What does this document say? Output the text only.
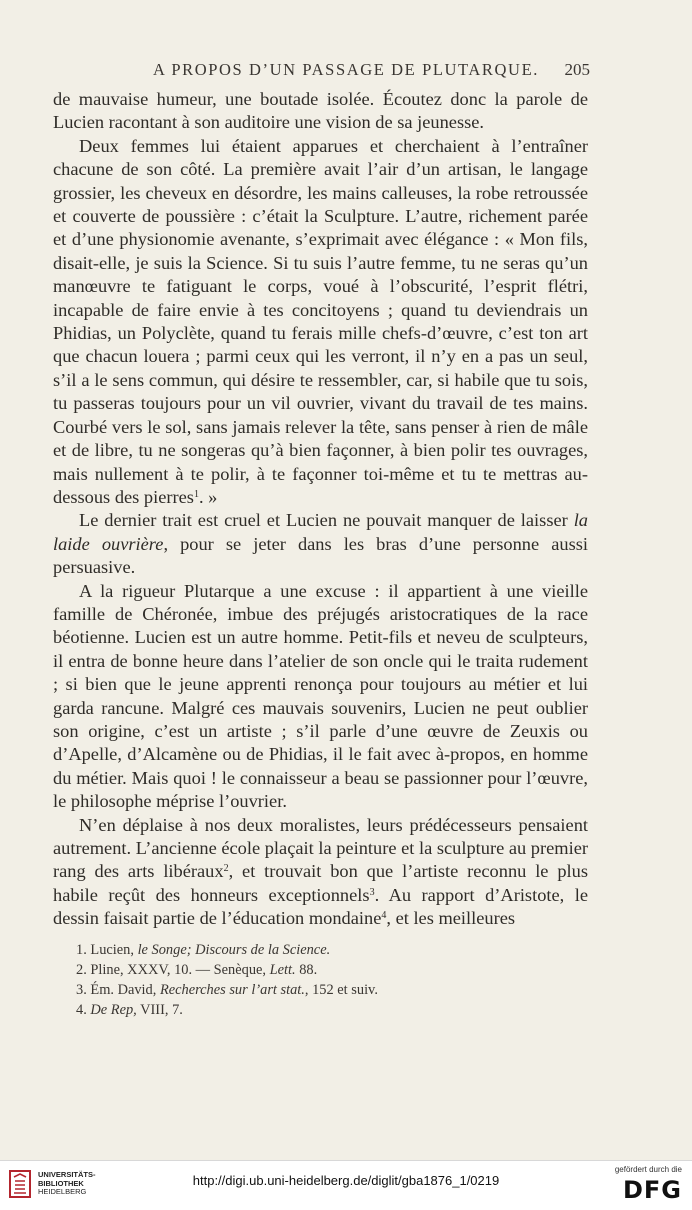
A PROPOS D’UN PASSAGE DE PLUTARQUE.	205

de mauvaise humeur, une boutade isolée. Écoutez donc la parole de Lucien racontant à son auditoire une vision de sa jeunesse.

Deux femmes lui étaient apparues et cherchaient à l’entraîner chacune de son côté. La première avait l’air d’un artisan, le langage grossier, les cheveux en désordre, les mains calleuses, la robe retroussée et couverte de poussière : c’était la Sculpture. L’autre, richement parée et d’une physionomie avenante, s’exprimait avec élégance : « Mon fils, disait-elle, je suis la Science. Si tu suis l’autre femme, tu ne seras qu’un manœuvre te fatiguant le corps, voué à l’obscurité, l’esprit flétri, incapable de faire envie à tes concitoyens ; quand tu deviendrais un Phidias, un Polyclète, quand tu ferais mille chefs-d’œuvre, c’est ton art que chacun louera ; parmi ceux qui les verront, il n’y en a pas un seul, s’il a le sens commun, qui désire te ressembler, car, si habile que tu sois, tu passeras toujours pour un vil ouvrier, vivant du travail de tes mains. Courbé vers le sol, sans jamais relever la tête, sans penser à rien de mâle et de libre, tu ne songeras qu’à bien façonner, à bien polir tes ouvrages, mais nullement à te polir, à te façonner toi-même et tu te mettras au-dessous des pierres$^1$. »

Le dernier trait est cruel et Lucien ne pouvait manquer de laisser la laide ouvrière, pour se jeter dans les bras d’une personne aussi persuasive.

A la rigueur Plutarque a une excuse : il appartient à une vieille famille de Chéronée, imbue des préjugés aristocratiques de la race béotienne. Lucien est un autre homme. Petit-fils et neveu de sculpteurs, il entra de bonne heure dans l’atelier de son oncle qui le traita rudement ; si bien que le jeune apprenti renonça pour toujours au métier et lui garda rancune. Malgré ces mauvais souvenirs, Lucien ne peut oublier son origine, c’est un artiste ; s’il parle d’une œuvre de Zeuxis ou d’Apelle, d’Alcamène ou de Phidias, il le fait avec à-propos, en homme du métier. Mais quoi ! le connaisseur a beau se passionner pour l’œuvre, le philosophe méprise l’ouvrier.

N’en déplaise à nos deux moralistes, leurs prédécesseurs pensaient autrement. L’ancienne école plaçait la peinture et la sculpture au premier rang des arts libéraux$^2$, et trouvait bon que l’artiste reconnu le plus habile reçût des honneurs exceptionnels$^3$. Au rapport d’Aristote, le dessin faisait partie de l’éducation mondaine$^4$, et les meilleures

1. Lucien, le Songe; Discours de la Science.
2. Pline, XXXV, 10. — Senèque, Lett. 88.
3. Ém. David, Recherches sur l’art stat., 152 et suiv.
4. De Rep, VIII, 7.
UNIVERSITÄTS-
BIBLIOTHEK
HEIDELBERG
http://digi.ub.uni-heidelberg.de/diglit/gba1876_1/0219
gefördert durch die
DFG
